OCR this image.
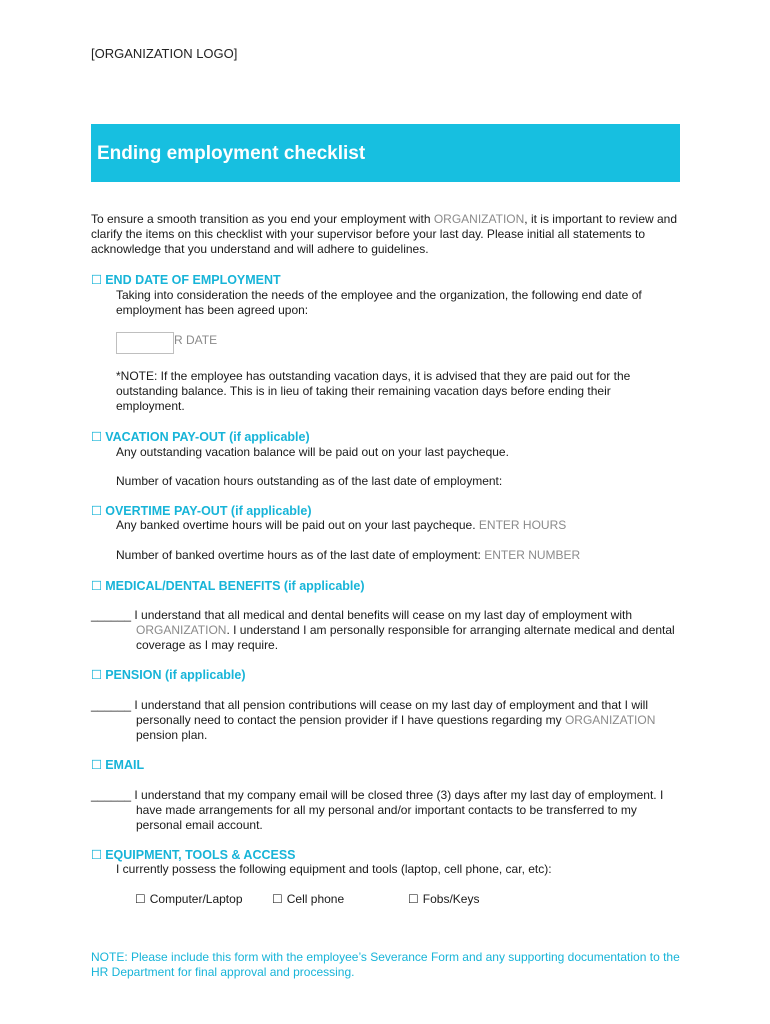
[ORGANIZATION LOGO]
Ending employment checklist
To ensure a smooth transition as you end your employment with ORGANIZATION, it is important to review and clarify the items on this checklist with your supervisor before your last day. Please initial all statements to acknowledge that you understand and will adhere to guidelines.
☐ END DATE OF EMPLOYMENT
Taking into consideration the needs of the employee and the organization, the following end date of employment has been agreed upon:
R DATE
*NOTE: If the employee has outstanding vacation days, it is advised that they are paid out for the outstanding balance. This is in lieu of taking their remaining vacation days before ending their employment.
☐ VACATION PAY-OUT (if applicable)
Any outstanding vacation balance will be paid out on your last paycheque.
Number of vacation hours outstanding as of the last date of employment:
☐ OVERTIME PAY-OUT (if applicable)
Any banked overtime hours will be paid out on your last paycheque. ENTER HOURS
Number of banked overtime hours as of the last date of employment: ENTER NUMBER
☐ MEDICAL/DENTAL BENEFITS (if applicable)
______ I understand that all medical and dental benefits will cease on my last day of employment with ORGANIZATION. I understand I am personally responsible for arranging alternate medical and dental coverage as I may require.
☐ PENSION (if applicable)
______ I understand that all pension contributions will cease on my last day of employment and that I will personally need to contact the pension provider if I have questions regarding my ORGANIZATION pension plan.
☐ EMAIL
______ I understand that my company email will be closed three (3) days after my last day of employment. I have made arrangements for all my personal and/or important contacts to be transferred to my personal email account.
☐ EQUIPMENT, TOOLS & ACCESS
I currently possess the following equipment and tools (laptop, cell phone, car, etc):
☐ Computer/Laptop ☐ Cell phone	☐ Fobs/Keys
NOTE: Please include this form with the employee’s Severance Form and any supporting documentation to the HR Department for final approval and processing.
